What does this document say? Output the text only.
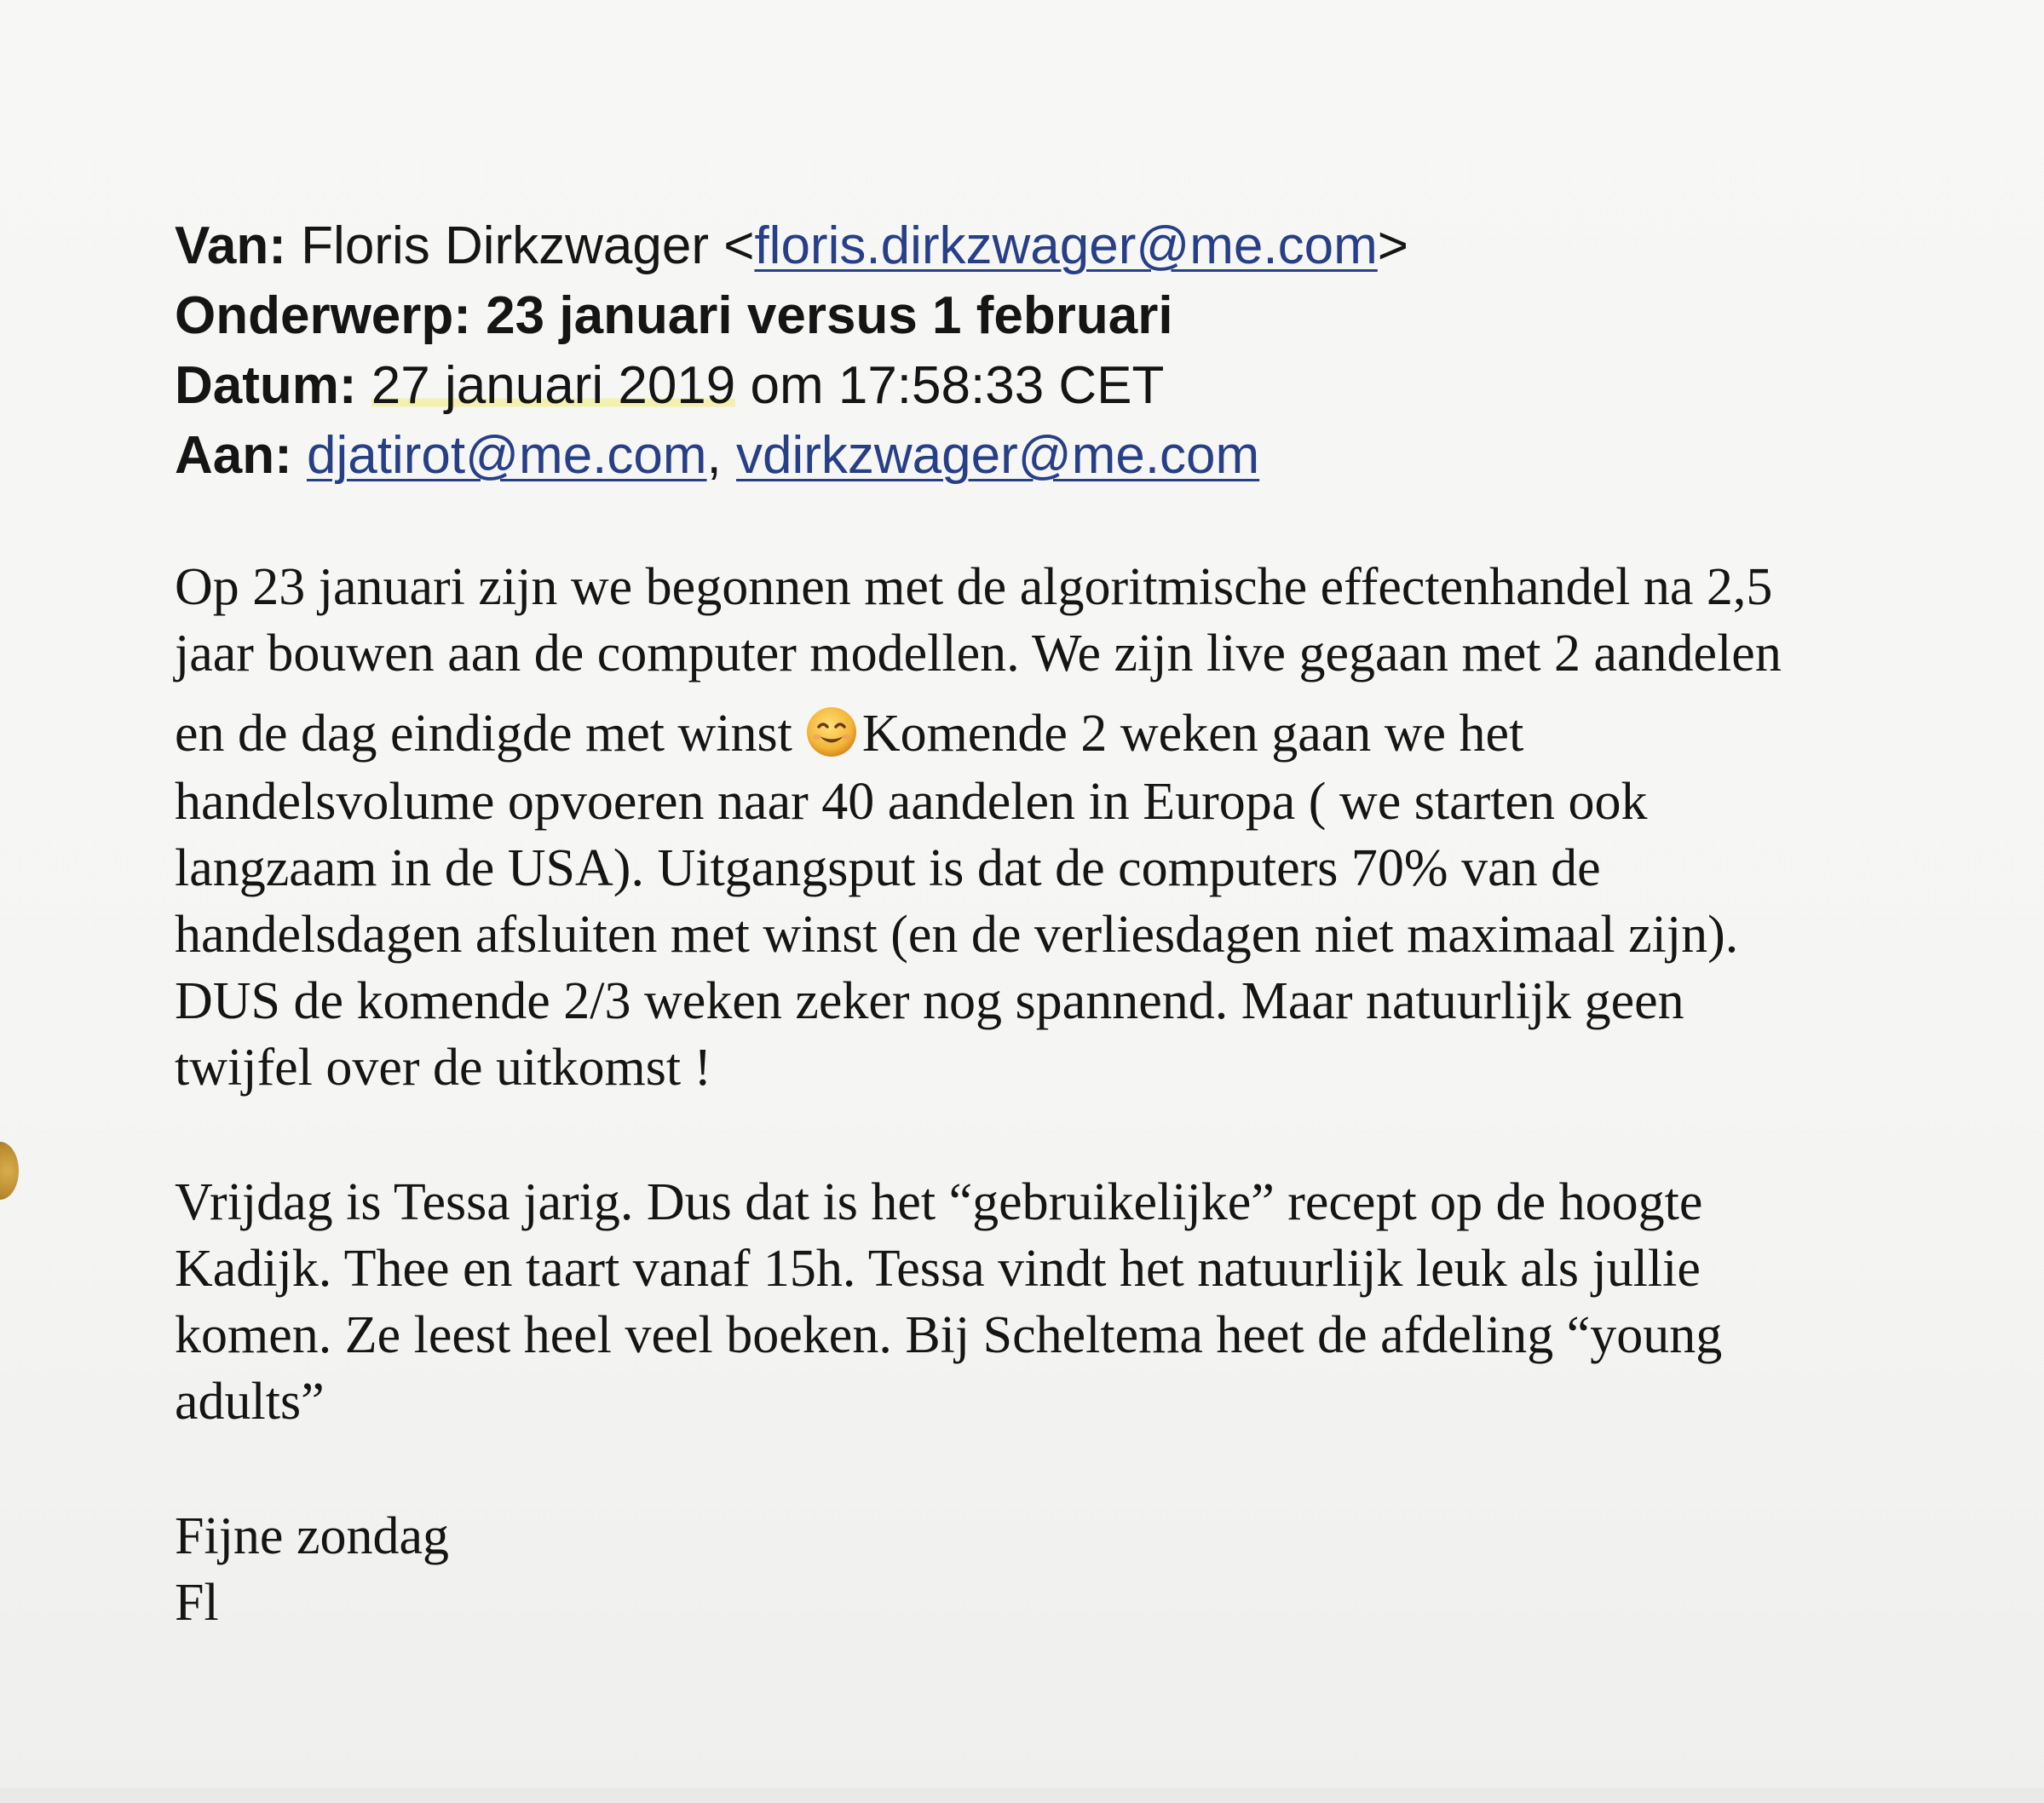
Van: Floris Dirkzwager <floris.dirkzwager@me.com>
Onderwerp: 23 januari versus 1 februari
Datum: 27 januari 2019 om 17:58:33 CET
Aan: djatirot@me.com, vdirkzwager@me.com
Op 23 januari zijn we begonnen met de algoritmische effectenhandel na 2,5
jaar bouwen aan de computer modellen. We zijn live gegaan met 2 aandelen
en de dag eindigde met winst Komende 2 weken gaan we het
handelsvolume opvoeren naar 40 aandelen in Europa ( we starten ook
langzaam in de USA). Uitgangsput is dat de computers 70% van de
handelsdagen afsluiten met winst (en de verliesdagen niet maximaal zijn).
DUS de komende 2/3 weken zeker nog spannend. Maar natuurlijk geen
twijfel over de uitkomst !
Vrijdag is Tessa jarig. Dus dat is het “gebruikelijke” recept op de hoogte
Kadijk. Thee en taart vanaf 15h. Tessa vindt het natuurlijk leuk als jullie
komen. Ze leest heel veel boeken. Bij Scheltema heet de afdeling “young
adults”
Fijne zondag
Fl
